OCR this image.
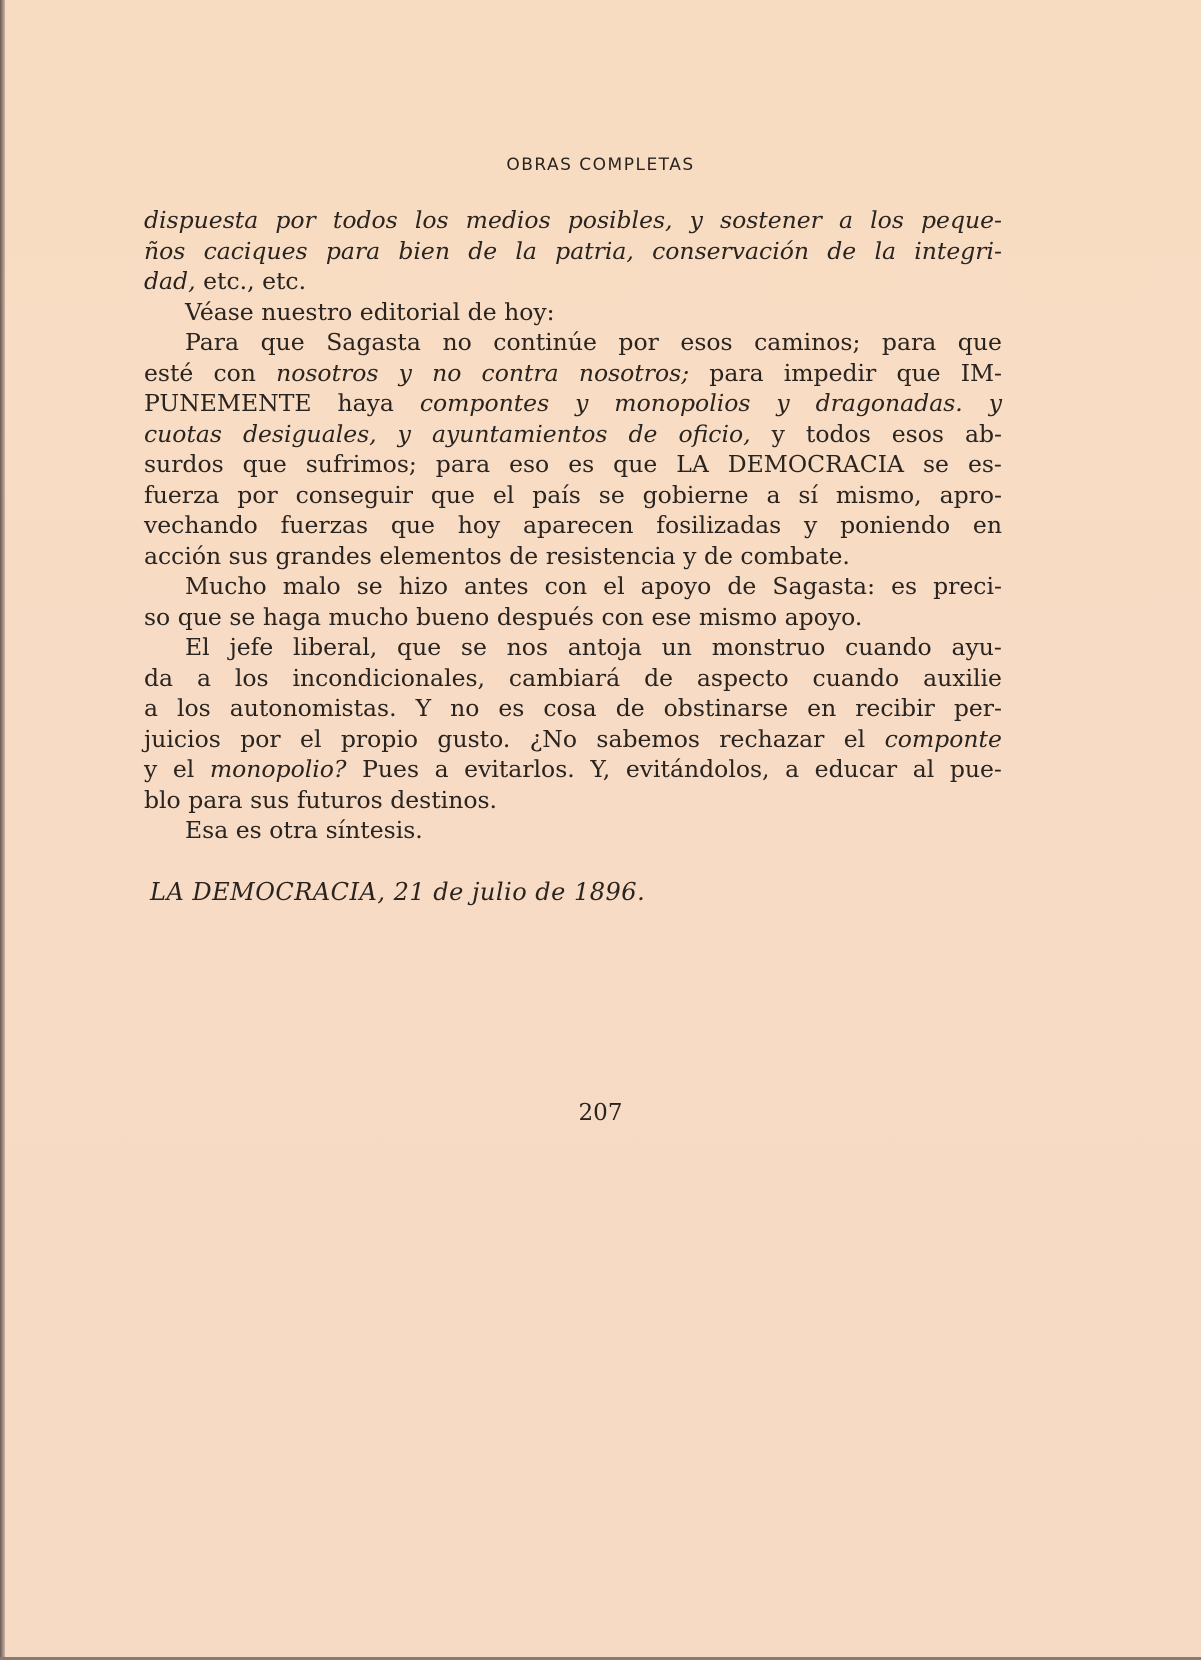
OBRAS COMPLETAS
dispuesta por todos los medios posibles, y sostener a los peque-
ños caciques para bien de la patria, conservación de la integri-
dad, etc., etc.
Véase nuestro editorial de hoy:
Para que Sagasta no continúe por esos caminos; para que
esté con nosotros y no contra nosotros; para impedir que IM-
PUNEMENTE haya compontes y monopolios y dragonadas. y
cuotas desiguales, y ayuntamientos de oficio, y todos esos ab-
surdos que sufrimos; para eso es que LA DEMOCRACIA se es-
fuerza por conseguir que el país se gobierne a sí mismo, apro-
vechando fuerzas que hoy aparecen fosilizadas y poniendo en
acción sus grandes elementos de resistencia y de combate.
Mucho malo se hizo antes con el apoyo de Sagasta: es preci-
so que se haga mucho bueno después con ese mismo apoyo.
El jefe liberal, que se nos antoja un monstruo cuando ayu-
da a los incondicionales, cambiará de aspecto cuando auxilie
a los autonomistas. Y no es cosa de obstinarse en recibir per-
juicios por el propio gusto. ¿No sabemos rechazar el componte
y el monopolio? Pues a evitarlos. Y, evitándolos, a educar al pue-
blo para sus futuros destinos.
Esa es otra síntesis.
LA DEMOCRACIA, 21 de julio de 1896.
207
